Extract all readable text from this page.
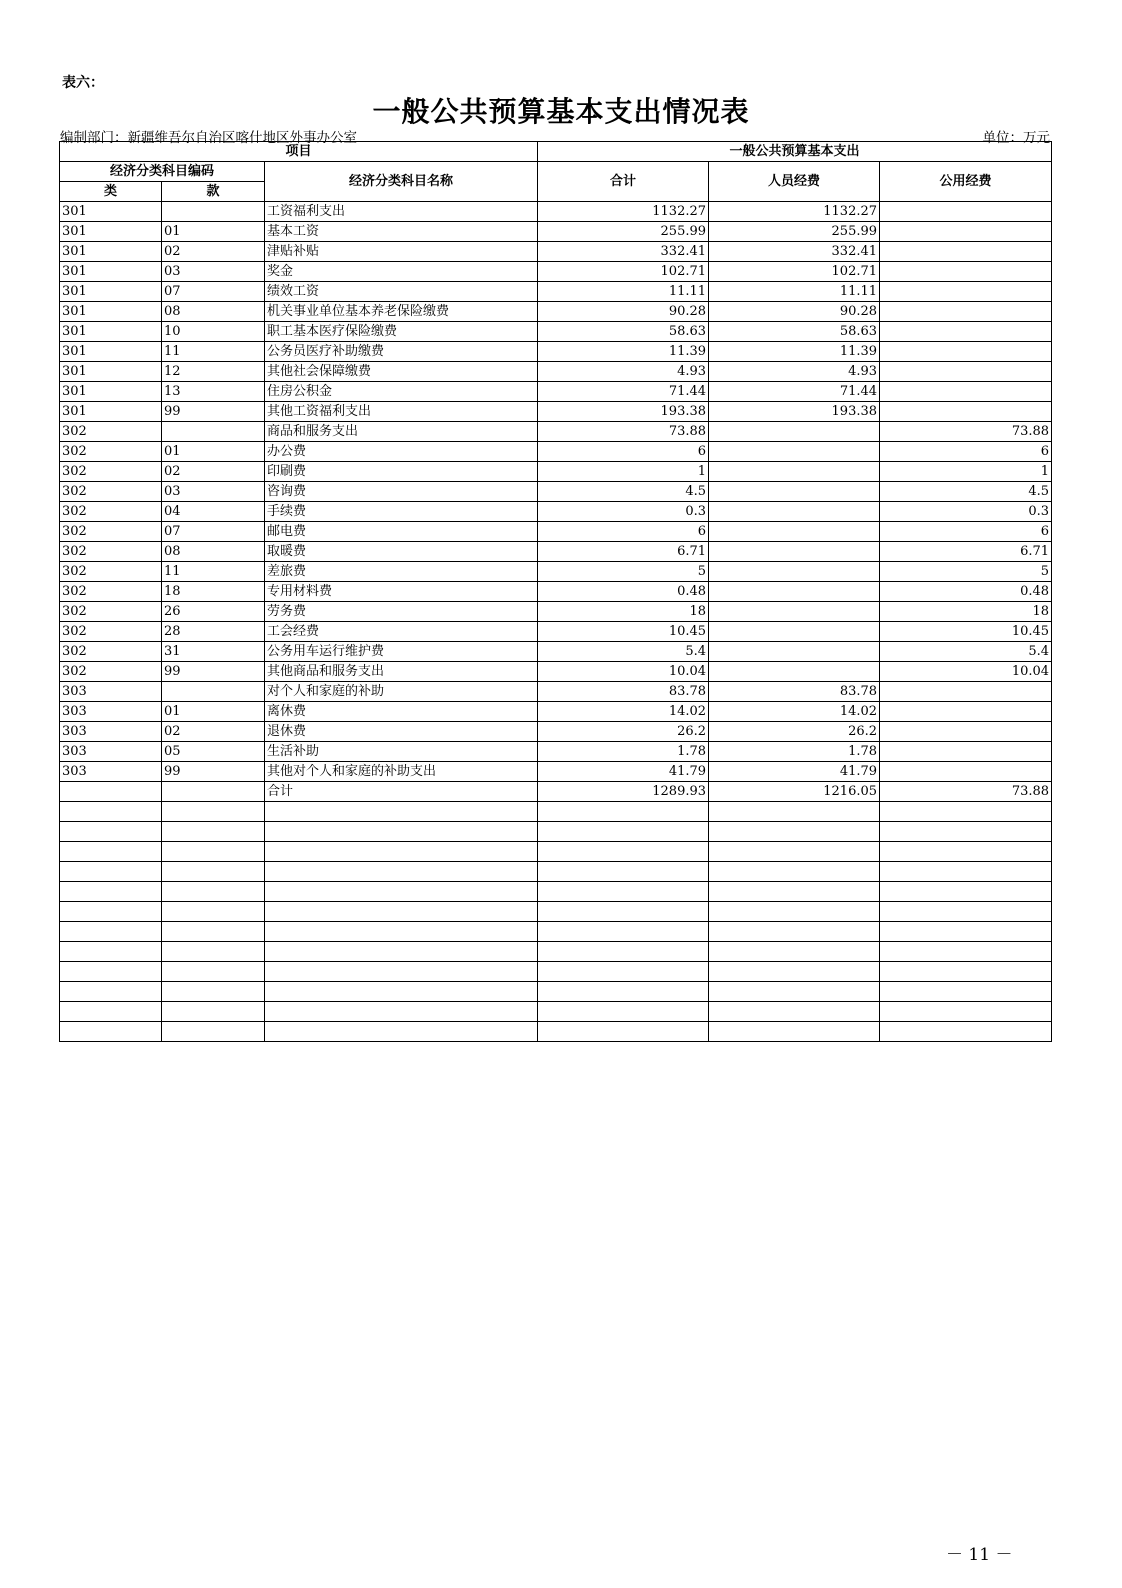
表六：
一般公共预算基本支出情况表
编制部门：新疆维吾尔自治区喀什地区外事办公室	单位：万元
项目			一般公共预算基本支出		
经济分类科目编码		经济分类科目名称	合计	人员经费	公用经费
类	款				
301		工资福利支出	1132.27	1132.27	
301	01	基本工资	255.99	255.99	
301	02	津贴补贴	332.41	332.41	
301	03	奖金	102.71	102.71	
301	07	绩效工资	11.11	11.11	
301	08	机关事业单位基本养老保险缴费	90.28	90.28	
301	10	职工基本医疗保险缴费	58.63	58.63	
301	11	公务员医疗补助缴费	11.39	11.39	
301	12	其他社会保障缴费	4.93	4.93	
301	13	住房公积金	71.44	71.44	
301	99	其他工资福利支出	193.38	193.38	
302		商品和服务支出	73.88		73.88
302	01	办公费	6		6
302	02	印刷费	1		1
302	03	咨询费	4.5		4.5
302	04	手续费	0.3		0.3
302	07	邮电费	6		6
302	08	取暖费	6.71		6.71
302	11	差旅费	5		5
302	18	专用材料费	0.48		0.48
302	26	劳务费	18		18
302	28	工会经费	10.45		10.45
302	31	公务用车运行维护费	5.4		5.4
302	99	其他商品和服务支出	10.04		10.04
303		对个人和家庭的补助	83.78	83.78	
303	01	离休费	14.02	14.02	
303	02	退休费	26.2	26.2	
303	05	生活补助	1.78	1.78	
303	99	其他对个人和家庭的补助支出	41.79	41.79	
		合计	1289.93	1216.05	73.88

－ 11 －
